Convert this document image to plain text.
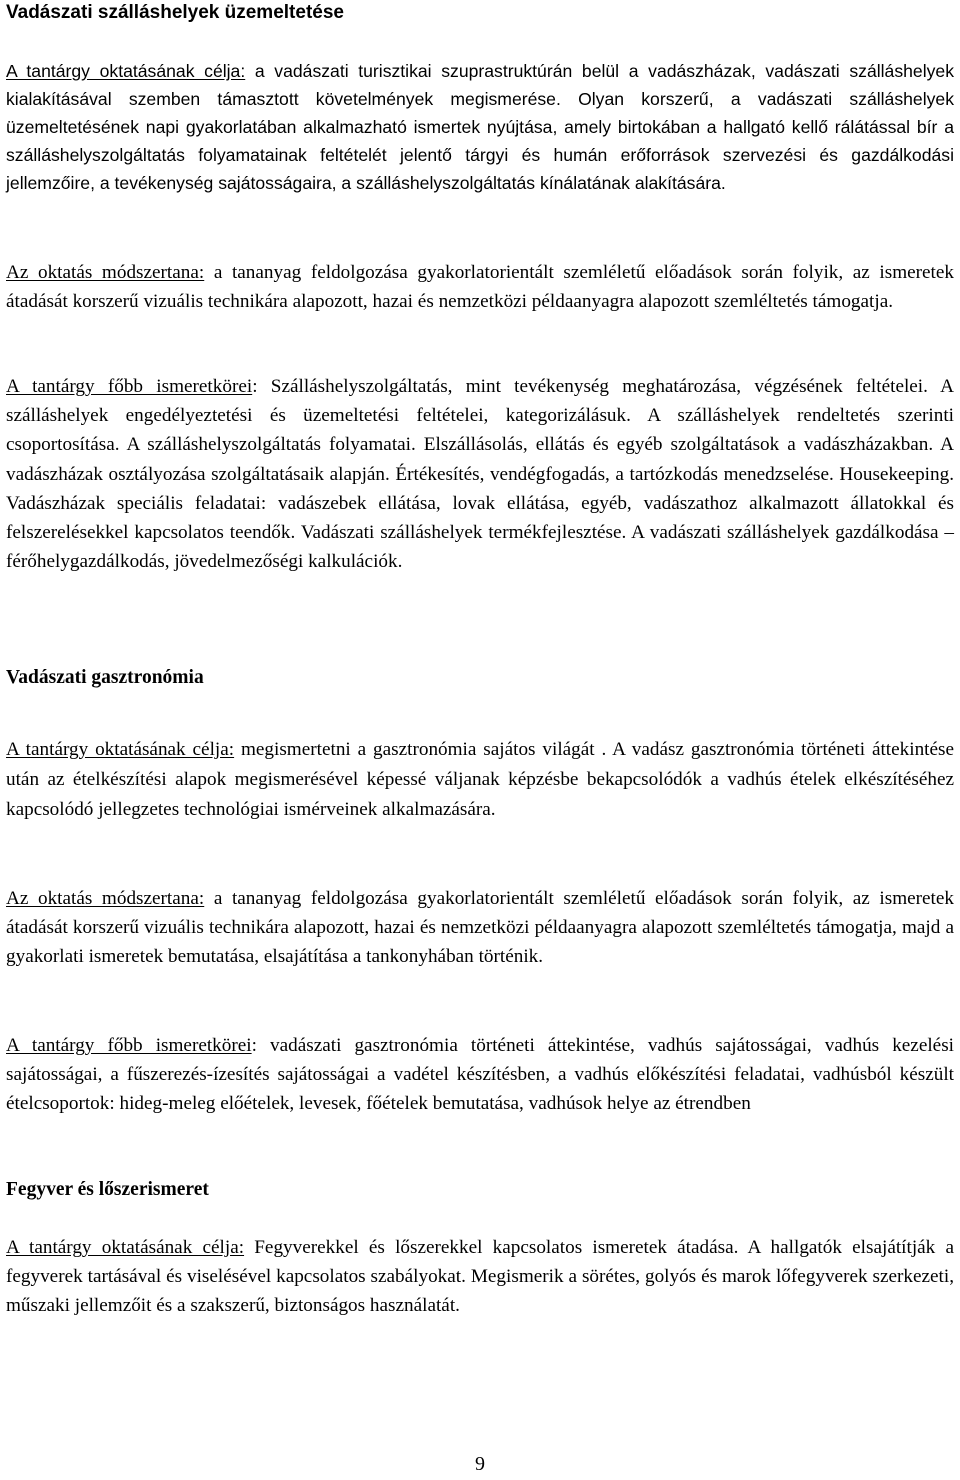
Vadászati szálláshelyek üzemeltetése

A tantárgy oktatásának célja: a vadászati turisztikai szuprastruktúrán belül a vadászházak, vadászati szálláshelyek kialakításával szemben támasztott követelmények megismerése. Olyan korszerű, a vadászati szálláshelyek üzemeltetésének napi gyakorlatában alkalmazható ismertek nyújtása, amely birtokában a hallgató kellő rálátással bír a szálláshelyszolgáltatás folyamatainak feltételét jelentő tárgyi és humán erőforrások szervezési és gazdálkodási jellemzőire, a tevékenység sajátosságaira, a szálláshelyszolgáltatás kínálatának alakítására.

Az oktatás módszertana: a tananyag feldolgozása gyakorlatorientált szemléletű előadások során folyik, az ismeretek átadását korszerű vizuális technikára alapozott, hazai és nemzetközi példaanyagra alapozott szemléltetés támogatja.

A tantárgy főbb ismeretkörei: Szálláshelyszolgáltatás, mint tevékenység meghatározása, végzésének feltételei. A szálláshelyek engedélyeztetési és üzemeltetési feltételei, kategorizálásuk. A szálláshelyek rendeltetés szerinti csoportosítása. A szálláshelyszolgáltatás folyamatai. Elszállásolás, ellátás és egyéb szolgáltatások a vadászházakban. A vadászházak osztályozása szolgáltatásaik alapján. Értékesítés, vendégfogadás, a tartózkodás menedzselése. Housekeeping. Vadászházak speciális feladatai: vadászebek ellátása, lovak ellátása, egyéb, vadászathoz alkalmazott állatokkal és felszerelésekkel kapcsolatos teendők. Vadászati szálláshelyek termékfejlesztése. A vadászati szálláshelyek gazdálkodása – férőhelygazdálkodás, jövedelmezőségi kalkulációk.

Vadászati gasztronómia

A tantárgy oktatásának célja: megismertetni a gasztronómia sajátos világát . A vadász gasztronómia történeti áttekintése után az ételkészítési alapok megismerésével képessé váljanak képzésbe bekapcsolódók a vadhús ételek elkészítéséhez kapcsolódó jellegzetes technológiai ismérveinek alkalmazására.

Az oktatás módszertana: a tananyag feldolgozása gyakorlatorientált szemléletű előadások során folyik, az ismeretek átadását korszerű vizuális technikára alapozott, hazai és nemzetközi példaanyagra alapozott szemléltetés támogatja, majd a gyakorlati ismeretek bemutatása, elsajátítása a tankonyhában történik.

A tantárgy főbb ismeretkörei: vadászati gasztronómia történeti áttekintése, vadhús sajátosságai, vadhús kezelési sajátosságai, a fűszerezés-ízesítés sajátosságai a vadétel készítésben, a vadhús előkészítési feladatai, vadhúsból készült ételcsoportok: hideg-meleg előételek, levesek, főételek bemutatása, vadhúsok helye az étrendben

Fegyver és lőszerismeret

A tantárgy oktatásának célja: Fegyverekkel és lőszerekkel kapcsolatos ismeretek átadása. A hallgatók elsajátítják a fegyverek tartásával és viselésével kapcsolatos szabályokat. Megismerik a sörétes, golyós és marok lőfegyverek szerkezeti, műszaki jellemzőit és a szakszerű, biztonságos használatát.

9
